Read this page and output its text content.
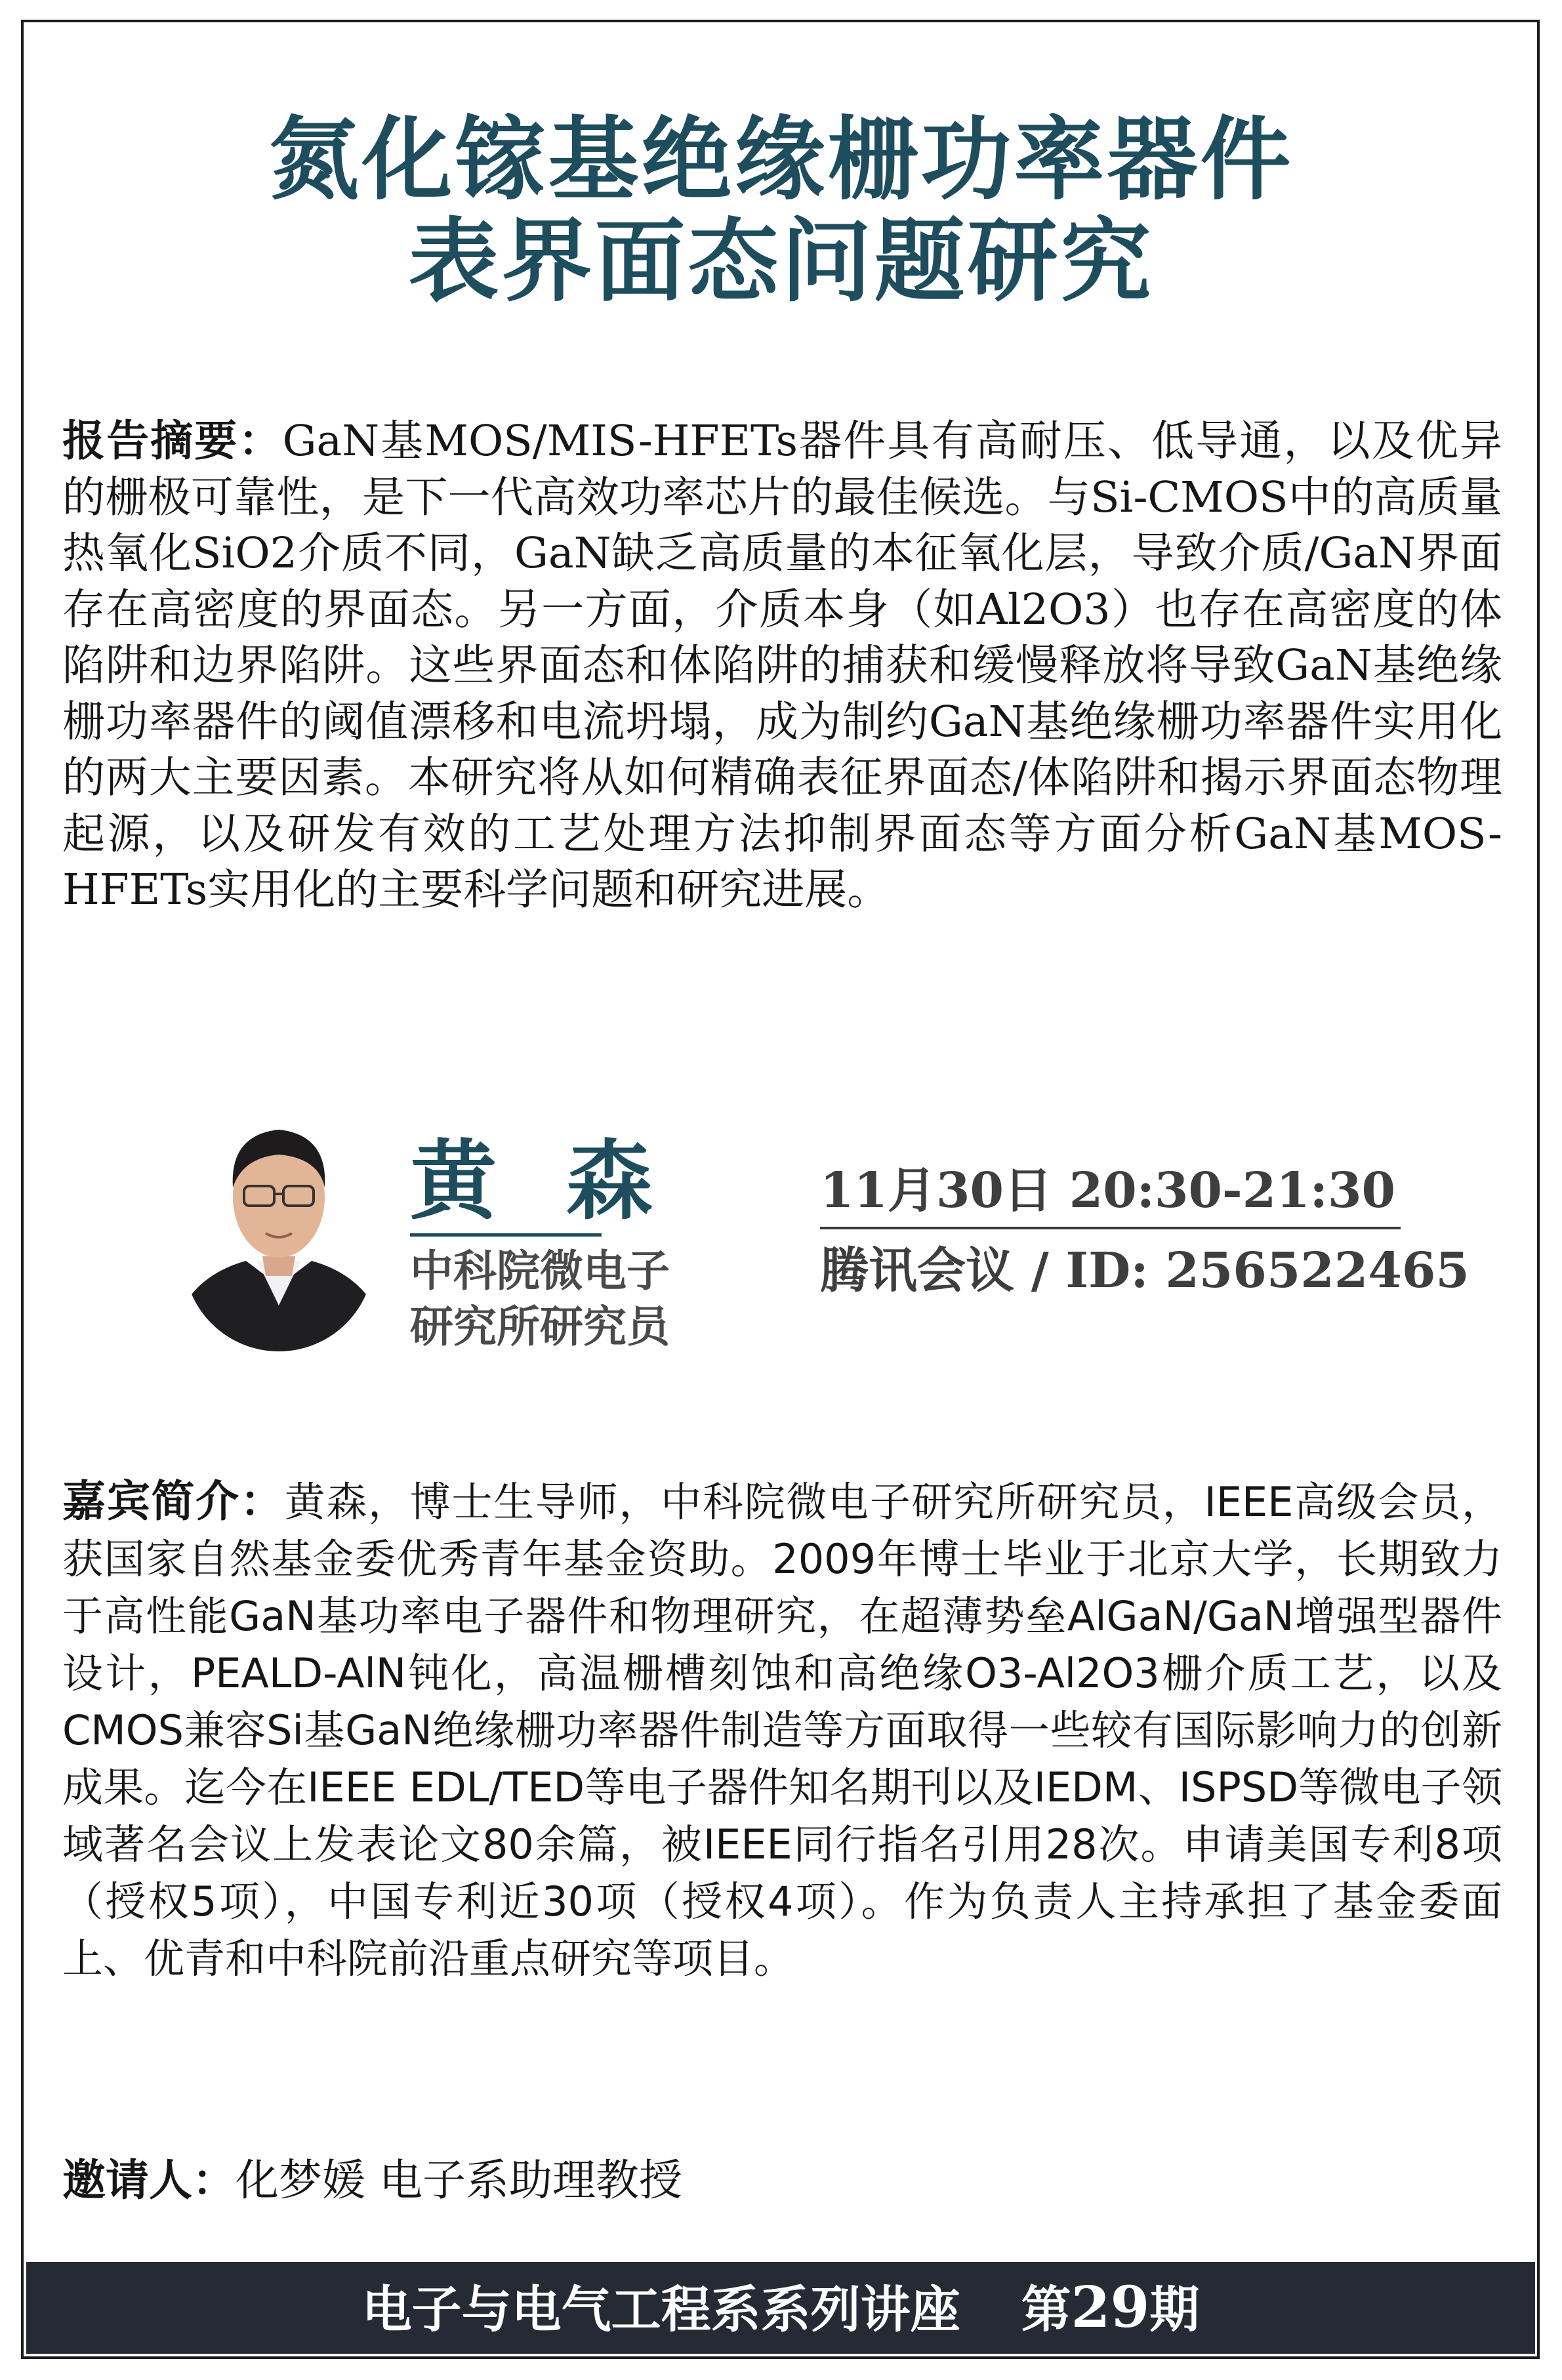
氮化镓基绝缘栅功率器件
表界面态问题研究
报告摘要：GaN基MOS/MIS-HFETs器件具有高耐压、低导通，以及优异的栅极可靠性，是下一代高效功率芯片的最佳候选。与Si-CMOS中的高质量热氧化SiO2介质不同，GaN缺乏高质量的本征氧化层，导致介质/GaN界面存在高密度的界面态。另一方面，介质本身（如Al2O3）也存在高密度的体陷阱和边界陷阱。这些界面态和体陷阱的捕获和缓慢释放将导致GaN基绝缘栅功率器件的阈值漂移和电流坍塌，成为制约GaN基绝缘栅功率器件实用化的两大主要因素。本研究将从如何精确表征界面态/体陷阱和揭示界面态物理起源，以及研发有效的工艺处理方法抑制界面态等方面分析GaN基MOS-HFETs实用化的主要科学问题和研究进展。
黄 森
中科院微电子
研究所研究员
11月30日 20:30-21:30
腾讯会议 / ID: 256522465
嘉宾简介：黄森，博士生导师，中科院微电子研究所研究员，IEEE高级会员，获国家自然基金委优秀青年基金资助。2009年博士毕业于北京大学，长期致力于高性能GaN基功率电子器件和物理研究，在超薄势垒AlGaN/GaN增强型器件设计，PEALD-AlN钝化，高温栅槽刻蚀和高绝缘O3-Al2O3栅介质工艺，以及CMOS兼容Si基GaN绝缘栅功率器件制造等方面取得一些较有国际影响力的创新成果。迄今在IEEE EDL/TED等电子器件知名期刊以及IEDM、ISPSD等微电子领域著名会议上发表论文80余篇，被IEEE同行指名引用28次。申请美国专利8项（授权5项），中国专利近30项（授权4项）。作为负责人主持承担了基金委面上、优青和中科院前沿重点研究等项目。
邀请人：化梦媛 电子系助理教授
电子与电气工程系系列讲座 第29期
